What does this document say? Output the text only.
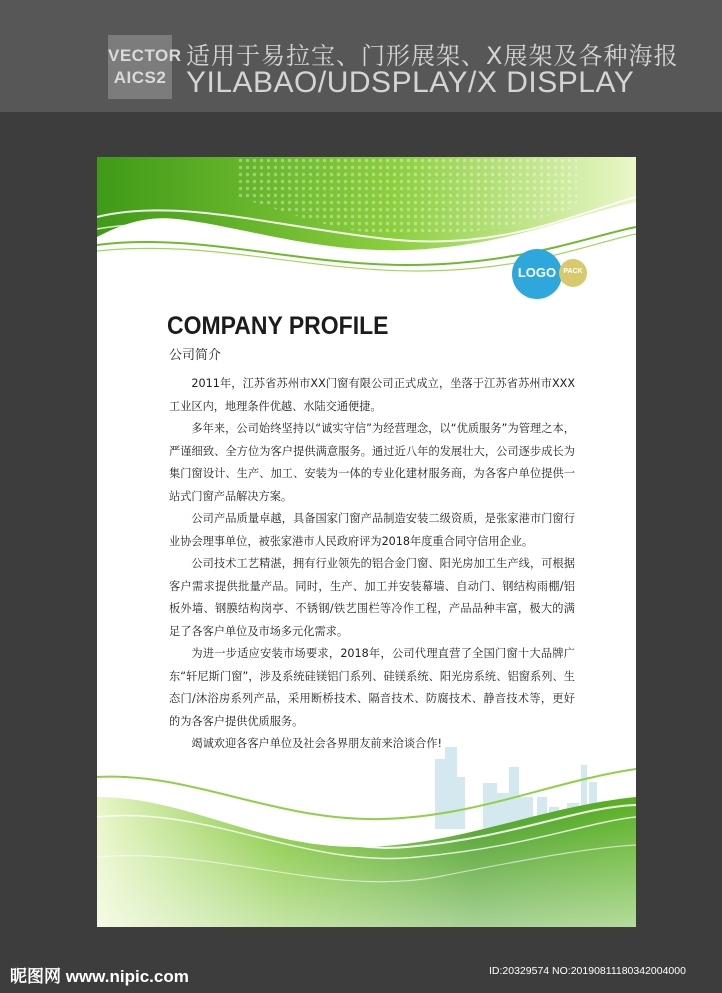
VECTOR
AICS2
适用于易拉宝、门形展架、X展架及各种海报
YILABAO/UDSPLAY/X DISPLAY
LOGO	PACK
COMPANY PROFILE
公司简介

2011年，江苏省苏州市XX门窗有限公司正式成立，坐落于江苏省苏州市XXX工业区内，地理条件优越、水陆交通便捷。

多年来，公司始终坚持以“诚实守信”为经营理念，以“优质服务”为管理之本，严谨细致、全方位为客户提供满意服务。通过近八年的发展壮大，公司逐步成长为集门窗设计、生产、加工、安装为一体的专业化建材服务商，为各客户单位提供一站式门窗产品解决方案。

公司产品质量卓越，具备国家门窗产品制造安装二级资质，是张家港市门窗行业协会理事单位，被张家港市人民政府评为2018年度重合同守信用企业。

公司技术工艺精湛，拥有行业领先的铝合金门窗、阳光房加工生产线，可根据客户需求提供批量产品。同时，生产、加工并安装幕墙、自动门、钢结构雨棚/铝板外墙、钢膜结构岗亭、不锈钢/铁艺围栏等冷作工程，产品品种丰富，极大的满足了各客户单位及市场多元化需求。

为进一步适应安装市场要求，2018年，公司代理直营了全国门窗十大品牌广东“轩尼斯门窗”，涉及系统硅镁铝门系列、硅镁系统、阳光房系统、铝窗系列、生态门/沐浴房系列产品，采用断桥技术、隔音技术、防腐技术、静音技术等，更好的为各客户提供优质服务。

竭诚欢迎各客户单位及社会各界朋友前来洽谈合作!

昵图网 www.nipic.com	ID:20329574 NO:20190811180342004000
